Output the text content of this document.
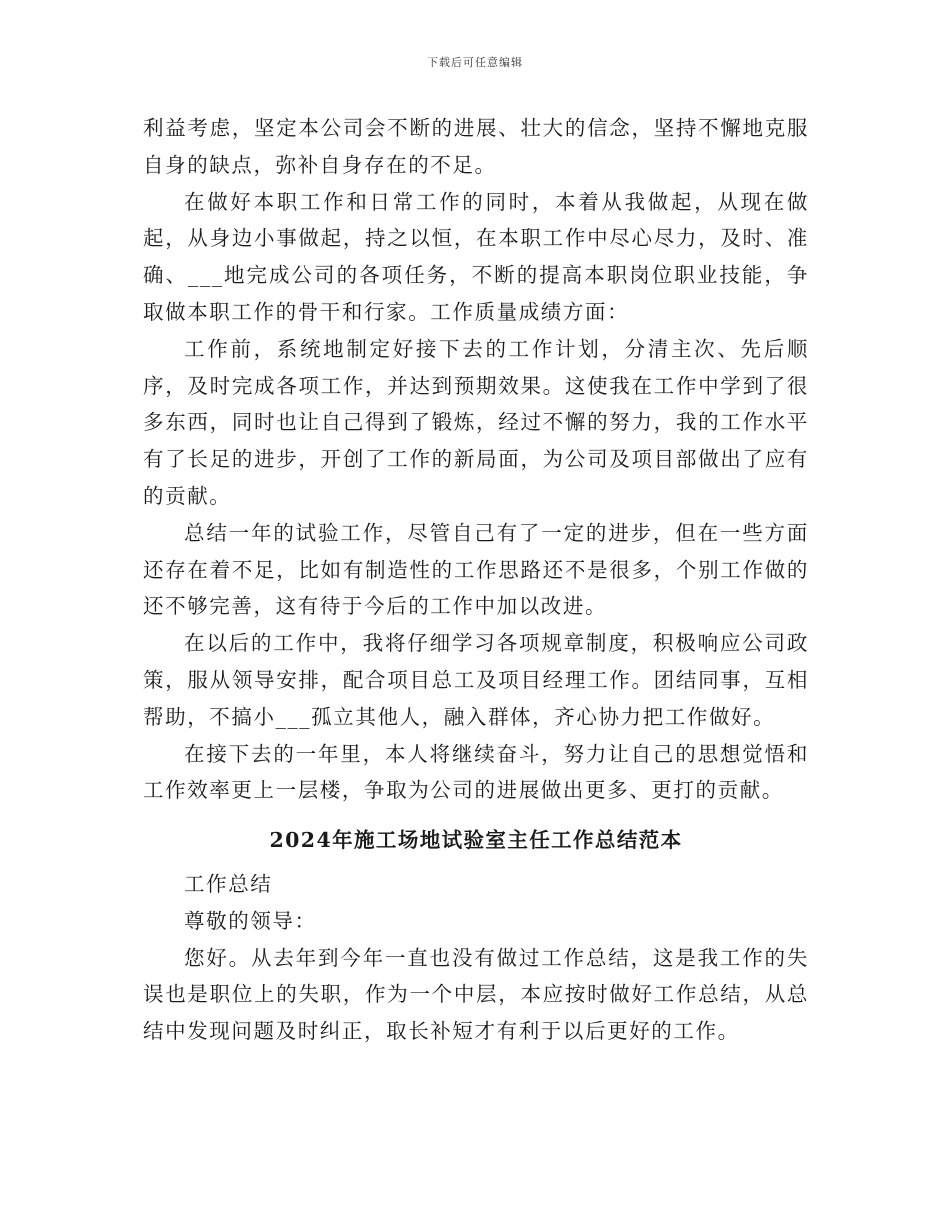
下载后可任意编辑

利益考虑，坚定本公司会不断的进展、壮大的信念，坚持不懈地克服自身的缺点，弥补自身存在的不足。

在做好本职工作和日常工作的同时，本着从我做起，从现在做起，从身边小事做起，持之以恒，在本职工作中尽心尽力，及时、准确、___地完成公司的各项任务，不断的提高本职岗位职业技能，争取做本职工作的骨干和行家。工作质量成绩方面：

工作前，系统地制定好接下去的工作计划，分清主次、先后顺序，及时完成各项工作，并达到预期效果。这使我在工作中学到了很多东西，同时也让自己得到了锻炼，经过不懈的努力，我的工作水平有了长足的进步，开创了工作的新局面，为公司及项目部做出了应有的贡献。

总结一年的试验工作，尽管自己有了一定的进步，但在一些方面还存在着不足，比如有制造性的工作思路还不是很多，个别工作做的还不够完善，这有待于今后的工作中加以改进。

在以后的工作中，我将仔细学习各项规章制度，积极响应公司政策，服从领导安排，配合项目总工及项目经理工作。团结同事，互相帮助，不搞小___孤立其他人，融入群体，齐心协力把工作做好。

在接下去的一年里，本人将继续奋斗，努力让自己的思想觉悟和工作效率更上一层楼，争取为公司的进展做出更多、更打的贡献。

2024年施工场地试验室主任工作总结范本

工作总结

尊敬的领导：

您好。从去年到今年一直也没有做过工作总结，这是我工作的失误也是职位上的失职，作为一个中层，本应按时做好工作总结，从总结中发现问题及时纠正，取长补短才有利于以后更好的工作。
